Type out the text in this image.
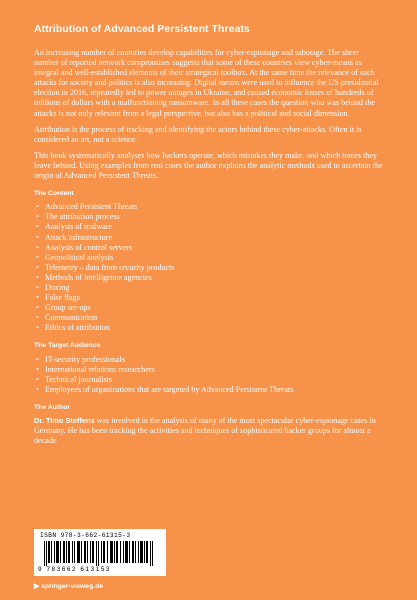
Attribution of Advanced Persistent Threats

An increasing number of countries develop capabilities for cyber-espionage and sabotage. The sheer number of reported network compromises suggests that some of these countries view cyber-means as integral and well-established elements of their strategical toolbox. At the same time the relevance of such attacks for society and politics is also increasing. Digital means were used to influence the US presidential election in 2016, repeatedly led to power outages in Ukraine, and caused economic losses of hundreds of millions of dollars with a malfunctioning ransomware. In all these cases the question who was behind the attacks is not only relevant from a legal perspective, but also has a political and social dimension.

Attribution is the process of tracking and identifying the actors behind these cyber-attacks. Often it is considered an art, not a science.

This book systematically analyses how hackers operate, which mistakes they make, and which traces they leave behind. Using examples from real cases the author explains the analytic methods used to ascertain the origin of Advanced Persistent Threats.

The Content
• Advanced Persistent Threats
• The attribution process
• Analysis of malware
• Attack infrastructure
• Analysis of control servers
• Geopolitical analysis
• Telemetry – data from security products
• Methods of intelligence agencies
• Doxing
• False flags
• Group set-ups
• Communication
• Ethics of attribution
The Target Audience
• IT-security professionals
• International relations researchers
• Technical journalists
• Employees of organizations that are targeted by Advanced Persistent Threats
The Author

Dr. Timo Steffens was involved in the analysis of many of the most spectacular cyber-espionage cases in Germany. He has been tracking the activities and techniques of sophisticated hacker groups for almost a decade.

ISBN 978-3-662-61315-3
9 783662 613153
▶ springer-vieweg.de
